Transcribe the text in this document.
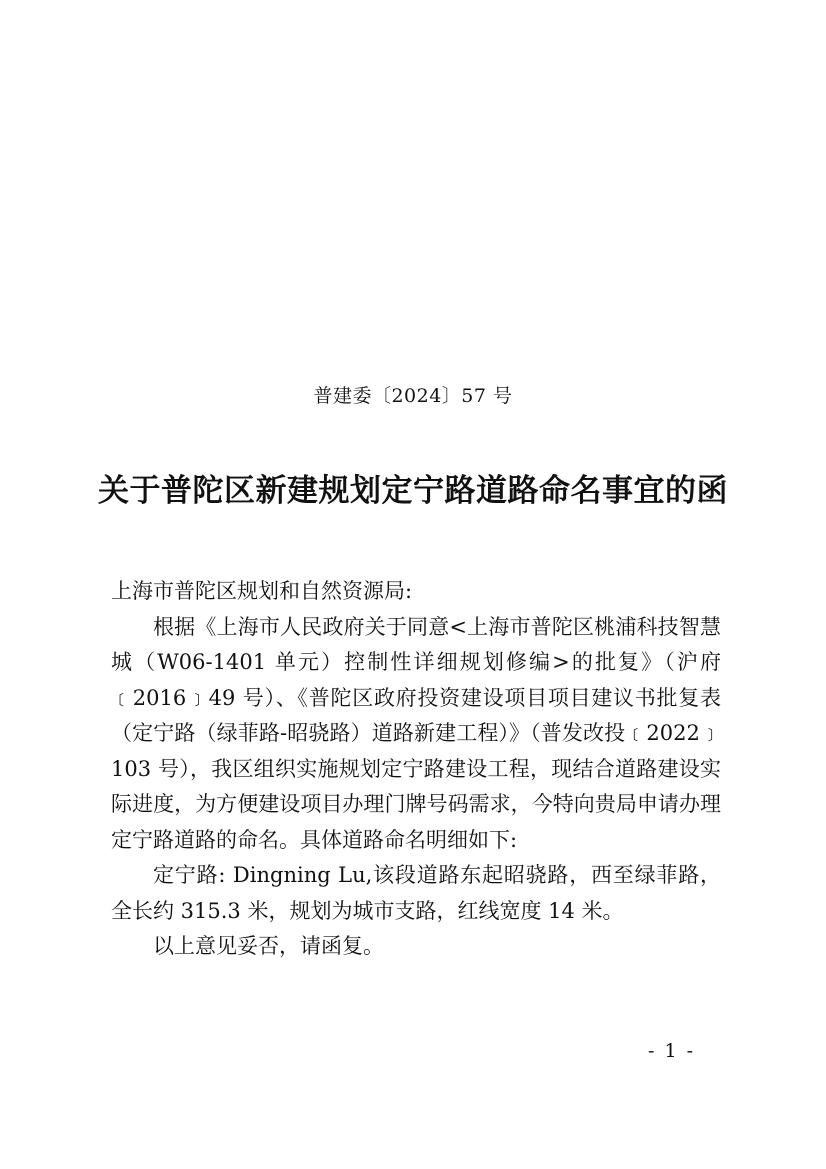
普建委〔2024〕57 号
关于普陀区新建规划定宁路道路命名事宜的函

上海市普陀区规划和自然资源局:

根据《上海市人民政府关于同意<上海市普陀区桃浦科技智慧城（W06-1401 单元）控制性详细规划修编>的批复》（沪府﹝2016﹞49 号）、《普陀区政府投资建设项目项目建议书批复表（定宁路（绿菲路-昭骁路）道路新建工程）》（普发改投﹝2022﹞103 号），我区组织实施规划定宁路建设工程，现结合道路建设实际进度，为方便建设项目办理门牌号码需求，今特向贵局申请办理定宁路道路的命名。具体道路命名明细如下:

定宁路: Dingning Lu,该段道路东起昭骁路，西至绿菲路，全长约 315.3 米，规划为城市支路，红线宽度 14 米。

以上意见妥否，请函复。

- 1 -
